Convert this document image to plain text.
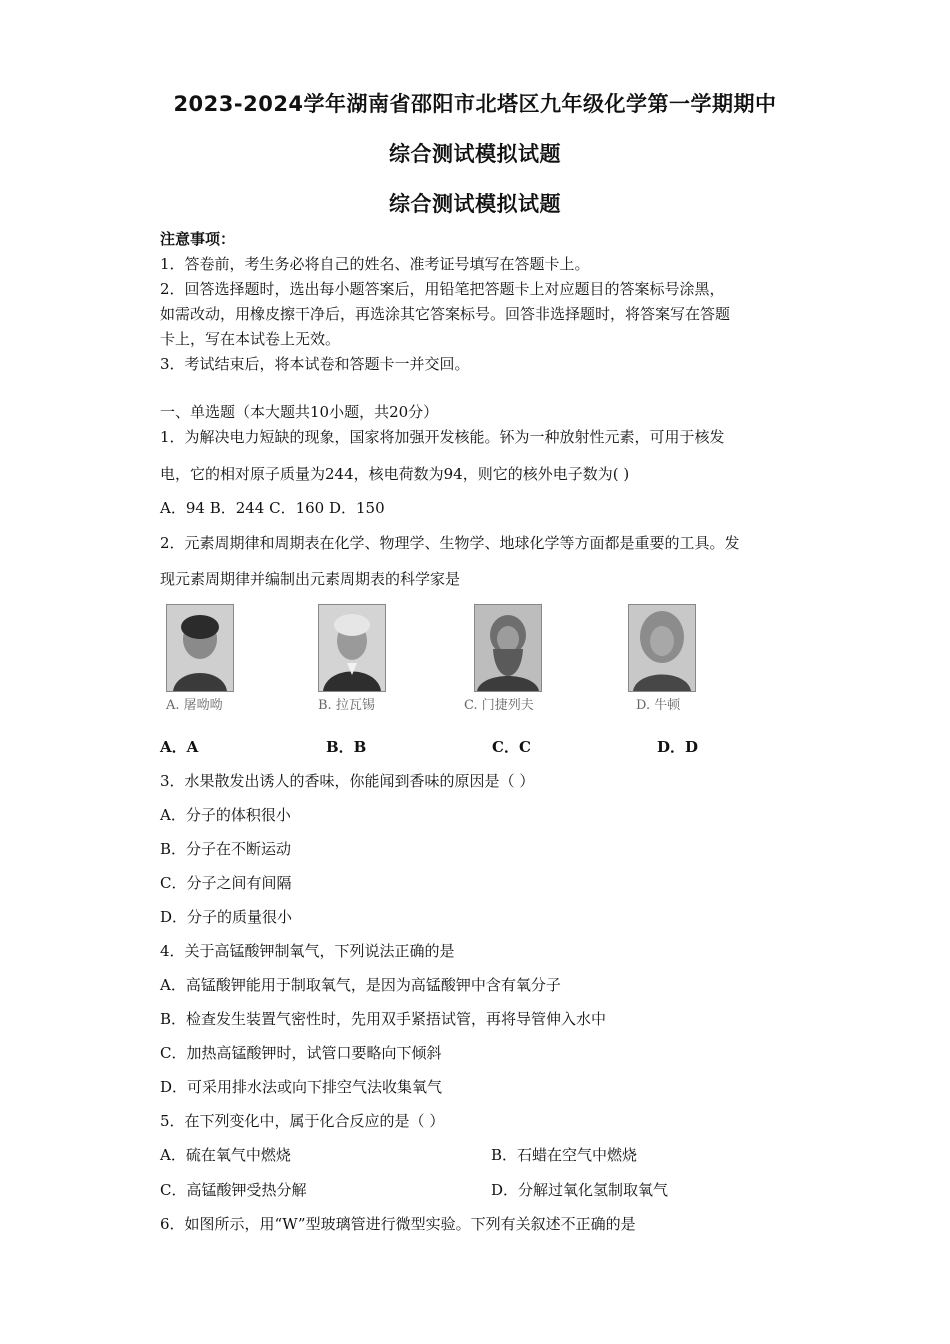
2023-2024学年湖南省邵阳市北塔区九年级化学第一学期期中
综合测试模拟试题
综合测试模拟试题
注意事项：
1．答卷前，考生务必将自己的姓名、准考证号填写在答题卡上。
2．回答选择题时，选出每小题答案后，用铅笔把答题卡上对应题目的答案标号涂黑，
如需改动，用橡皮擦干净后，再选涂其它答案标号。回答非选择题时，将答案写在答题
卡上，写在本试卷上无效。
3．考试结束后，将本试卷和答题卡一并交回。
一、单选题（本大题共10小题，共20分）
1．为解决电力短缺的现象，国家将加强开发核能。钚为一种放射性元素，可用于核发
电，它的相对原子质量为244，核电荷数为94，则它的核外电子数为( )
A．94 B．244 C．160 D．150
2．元素周期律和周期表在化学、物理学、生物学、地球化学等方面都是重要的工具。发
现元素周期律并编制出元素周期表的科学家是
A. 屠呦呦	B. 拉瓦锡	C. 门捷列夫	D. 牛顿
A．A	B．B	C．C	D．D
3．水果散发出诱人的香味，你能闻到香味的原因是（ ）
A．分子的体积很小
B．分子在不断运动
C．分子之间有间隔
D．分子的质量很小
4．关于高锰酸钾制氧气，下列说法正确的是
A．高锰酸钾能用于制取氧气，是因为高锰酸钾中含有氧分子
B．检查发生装置气密性时，先用双手紧捂试管，再将导管伸入水中
C．加热高锰酸钾时，试管口要略向下倾斜
D．可采用排水法或向下排空气法收集氧气
5．在下列变化中，属于化合反应的是（ ）
A．硫在氧气中燃烧	B．石蜡在空气中燃烧
C．高锰酸钾受热分解	D．分解过氧化氢制取氧气
6．如图所示，用“W”型玻璃管进行微型实验。下列有关叙述不正确的是
